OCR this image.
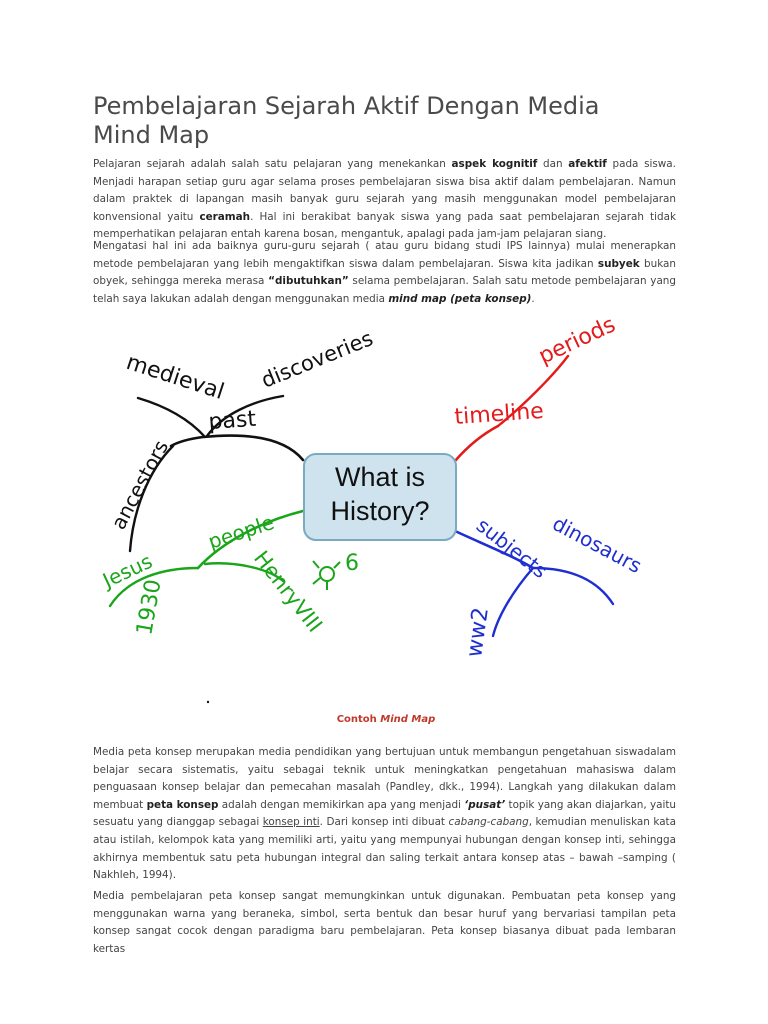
Pembelajaran Sejarah Aktif Dengan Media Mind Map

Pelajaran sejarah adalah salah satu pelajaran yang menekankan aspek kognitif dan afektif pada siswa. Menjadi harapan setiap guru agar selama proses pembelajaran siswa bisa aktif dalam pembelajaran. Namun dalam praktek di lapangan masih banyak guru sejarah yang masih menggunakan model pembelajaran konvensional yaitu ceramah. Hal ini berakibat banyak siswa yang pada saat pembelajaran sejarah tidak memperhatikan pelajaran entah karena bosan, mengantuk, apalagi pada jam-jam pelajaran siang.

Mengatasi hal ini ada baiknya guru-guru sejarah ( atau guru bidang studi IPS lainnya) mulai menerapkan metode pembelajaran yang lebih mengaktifkan siswa dalam pembelajaran. Siswa kita jadikan subyek bukan obyek, sehingga mereka merasa “dibutuhkan” selama pembelajaran. Salah satu metode pembelajaran yang telah saya lakukan adalah dengan menggunakan media mind map (peta konsep).

What is
History?
past
medieval discoveries
ancestors people
Jesus
1930	HenryVIII 6
timeline
periods
subjects
dinosaurs
ww2
Contoh Mind Map

Media peta konsep merupakan media pendidikan yang bertujuan untuk membangun pengetahuan siswadalam belajar secara sistematis, yaitu sebagai teknik untuk meningkatkan pengetahuan mahasiswa dalam penguasaan konsep belajar dan pemecahan masalah (Pandley, dkk., 1994). Langkah yang dilakukan dalam membuat peta konsep adalah dengan memikirkan apa yang menjadi ‘pusat’ topik yang akan diajarkan, yaitu sesuatu yang dianggap sebagai konsep inti. Dari konsep inti dibuat cabang-cabang, kemudian menuliskan kata atau istilah, kelompok kata yang memiliki arti, yaitu yang mempunyai hubungan dengan konsep inti, sehingga akhirnya membentuk satu peta hubungan integral dan saling terkait antara konsep atas – bawah –samping ( Nakhleh, 1994).

Media pembelajaran peta konsep sangat memungkinkan untuk digunakan. Pembuatan peta konsep yang menggunakan warna yang beraneka, simbol, serta bentuk dan besar huruf yang bervariasi tampilan peta konsep sangat cocok dengan paradigma baru pembelajaran. Peta konsep biasanya dibuat pada lembaran kertas
